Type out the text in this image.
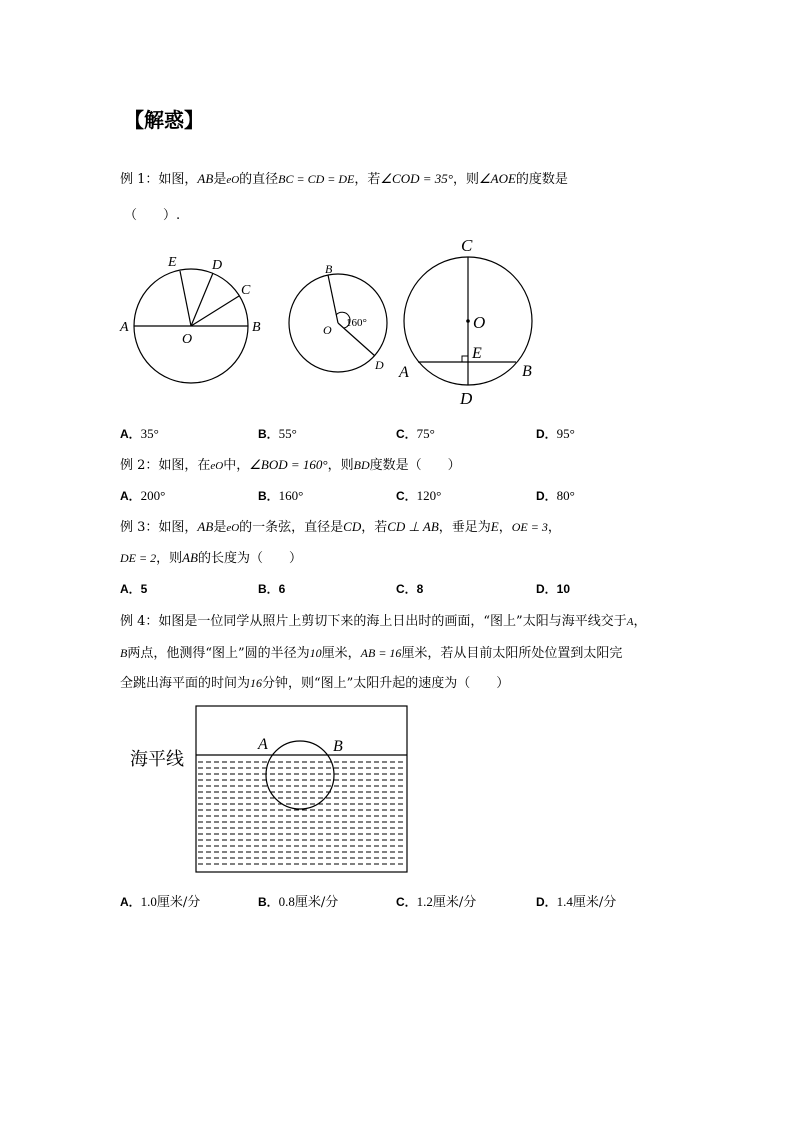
【解惑】
例 1：如图，AB是eO的直径BC = CD = DE，若∠COD = 35°，则∠AOE的度数是
（　　）.
E	D
C
A	B
O
B
O 160°
D
C
O
E
A	B
D
A．35°	B．55°	C．75°	D．95°
例 2：如图，在eO中，∠BOD = 160°，则BD度数是（　　）
A．200°	B．160°	C．120°	D．80°
例 3：如图，AB是eO的一条弦，直径是CD，若CD ⊥ AB，垂足为E，OE = 3，
DE = 2，则AB的长度为（　　）
A．5	B．6	C．8	D．10
例 4：如图是一位同学从照片上剪切下来的海上日出时的画面，“图上”太阳与海平线交于A，
B两点，他测得“图上”圆的半径为10厘米，AB = 16厘米，若从目前太阳所处位置到太阳完
全跳出海平面的时间为16分钟，则“图上”太阳升起的速度为（　　）
海平线
A	B
A．1.0厘米/分	B．0.8厘米/分	C．1.2厘米/分	D．1.4厘米/分
